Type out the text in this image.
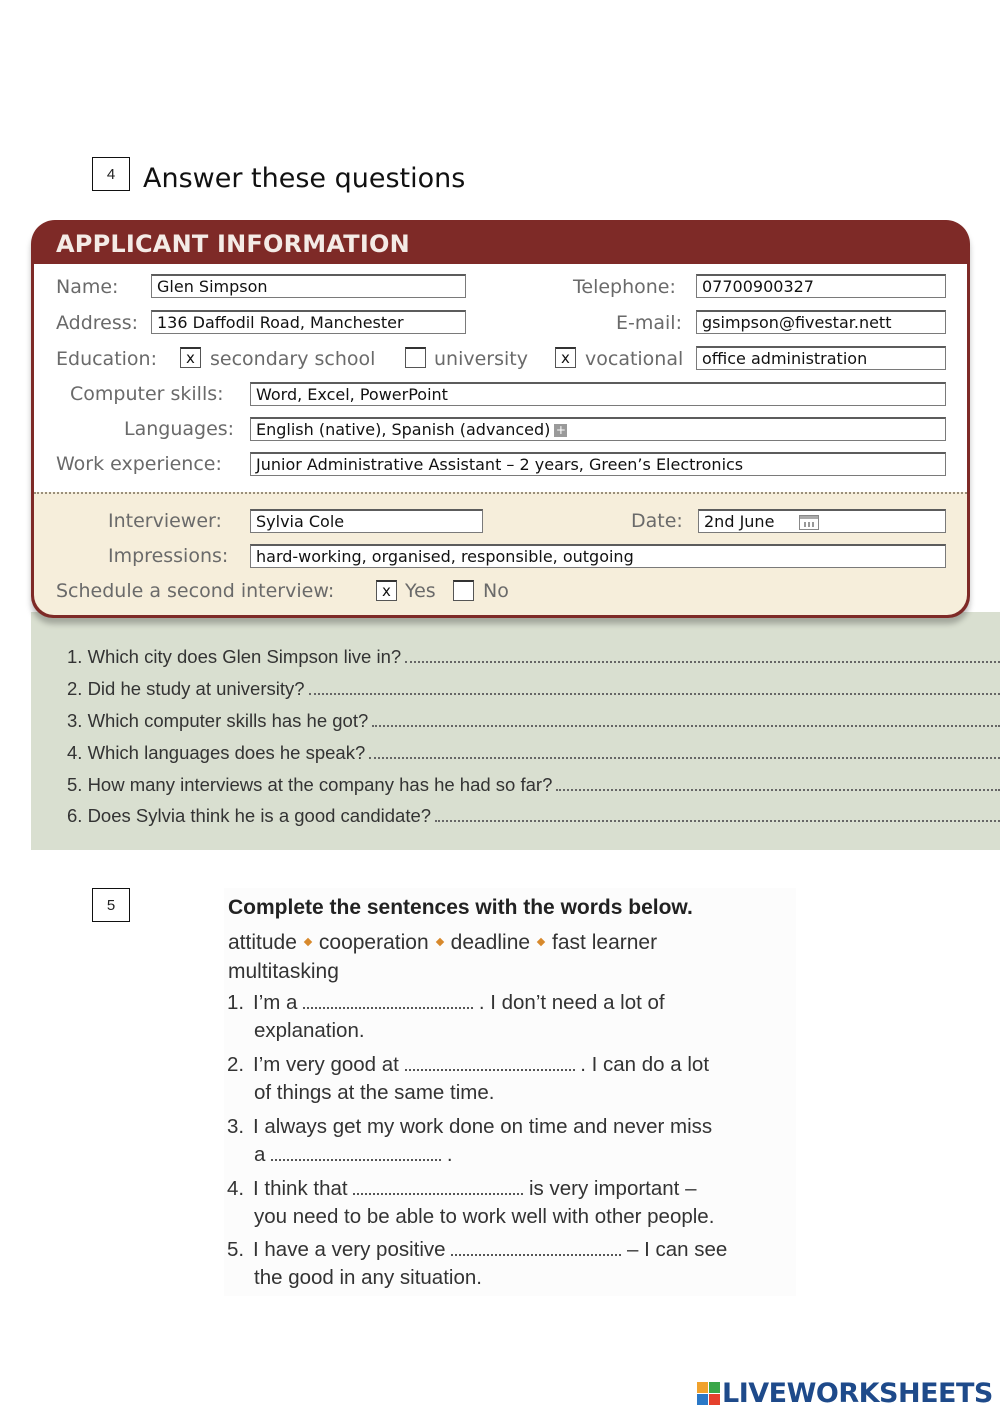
4 Answer these questions
APPLICANT INFORMATION
Name:	Glen Simpson	Telephone:	07700900327
Address:	136 Daffodil Road, Manchester	E-mail:	gsimpson@fivestar.nett
Education:	x secondary school	university	x vocational	office administration
Computer skills:	Word, Excel, PowerPoint
Languages:	English (native), Spanish (advanced) +
Work experience:	Junior Administrative Assistant – 2 years, Green’s Electronics
Interviewer:	Sylvia Cole	Date:	2nd June
Impressions:	hard-working, organised, responsible, outgoing
Schedule a second interview:	x Yes No
1. Which city does Glen Simpson live in?
2. Did he study at university?
3. Which computer skills has he got?
4. Which languages does he speak?
5. How many interviews at the company has he had so far?
6. Does Sylvia think he is a good candidate?
5	Complete the sentences with the words below.
attitude cooperation deadline fast learner
multitasking
1. I’m a	. I don’t need a lot of
explanation.
2. I’m very good at	. I can do a lot
of things at the same time.
3. I always get my work done on time and never miss
a	.
4. I think that	is very important –
you need to be able to work well with other people.
5. I have a very positive	– I can see
the good in any situation.
LIVEWORKSHEETS
